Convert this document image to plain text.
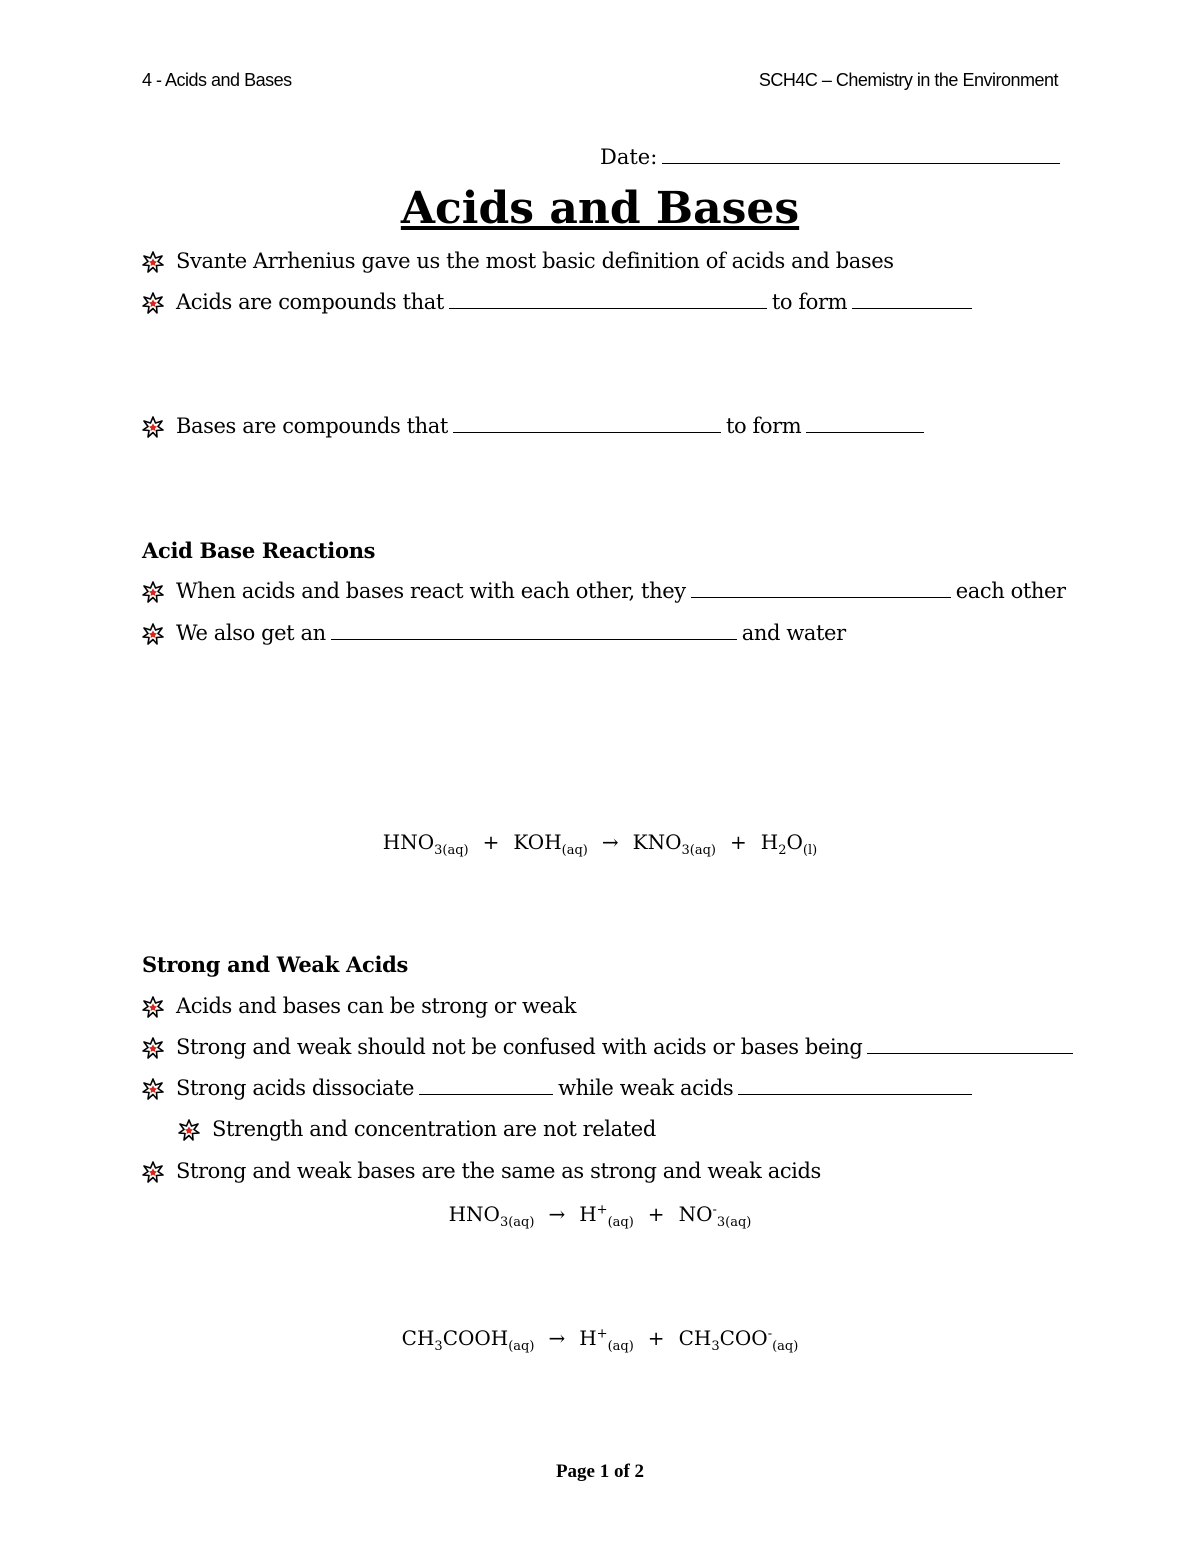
4 - Acids and Bases	SCH4C – Chemistry in the Environment
Date:
Acids and Bases
Svante Arrhenius gave us the most basic definition of acids and bases
Acids are compounds that	to form
Bases are compounds that	to form
Acid Base Reactions
When acids and bases react with each other, they	each other
We also get an	and water
$HNO_{3(aq)} + KOH_{(aq)} \to KNO_{3(aq)} + H_2O_{(l)}$
Strong and Weak Acids
Acids and bases can be strong or weak
Strong and weak should not be confused with acids or bases being
Strong acids dissociate	while weak acids
Strength and concentration are not related
Strong and weak bases are the same as strong and weak acids
$HNO_{3(aq)} \to H^+_{(aq)} + NO^-_{3(aq)}$
$CH_3COOH_{(aq)} \to H^+_{(aq)} + CH_3COO^-_{(aq)}$
Page 1 of 2
